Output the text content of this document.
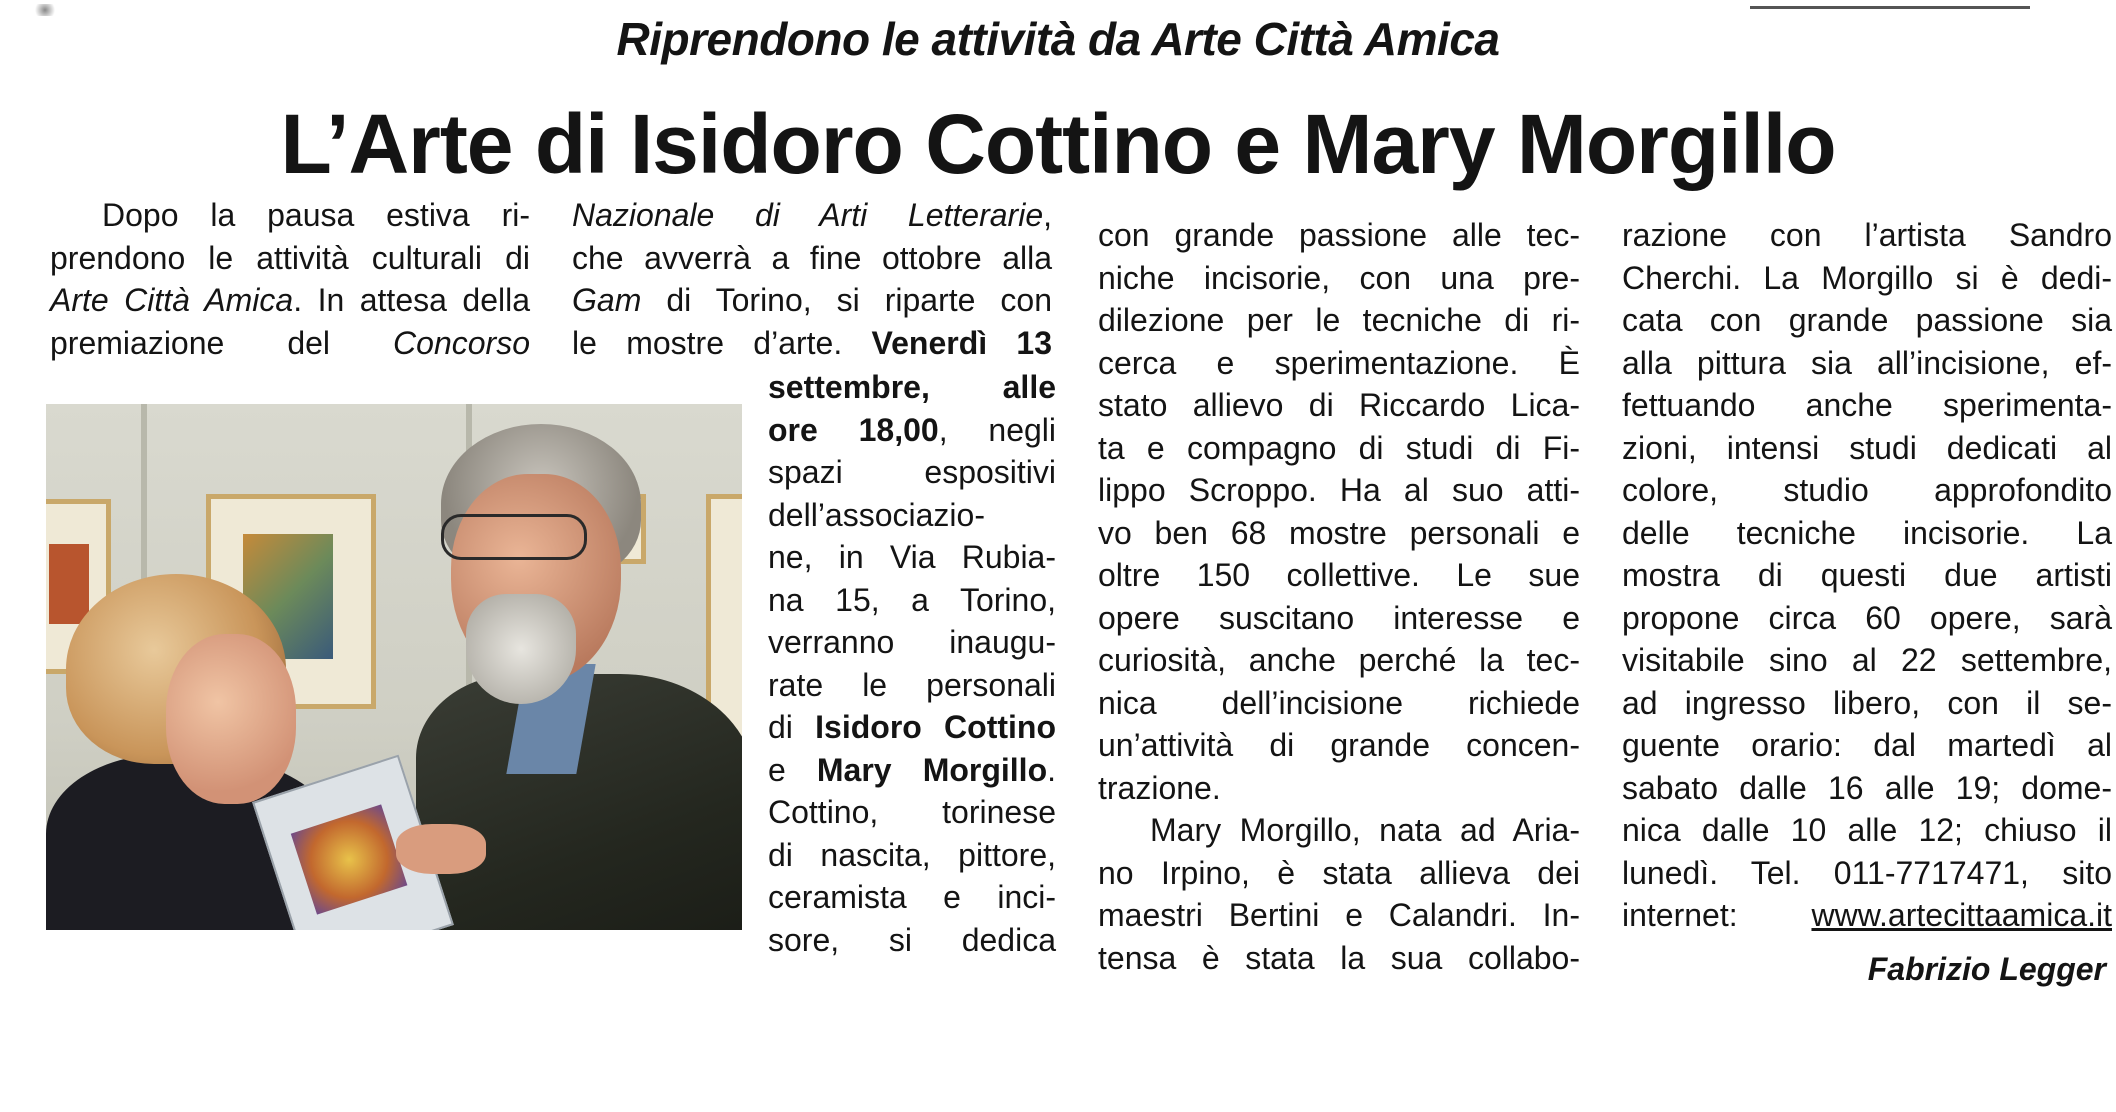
Riprendono le attività da Arte Città Amica
L’Arte di Isidoro Cottino e Mary Morgillo

Dopo la pausa estiva ri-

prendono le attività culturali di

Arte Città Amica. In attesa della

premiazione del Concorso

Nazionale di Arti Letterarie,

che avverrà a fine ottobre alla

Gam di Torino, si riparte con

le mostre d’arte. Venerdì 13

settembre, alle

ore 18,00, negli

spazi espositivi

dell’associazio-

ne, in Via Rubia-

na 15, a Torino,

verranno inaugu-

rate le personali

di Isidoro Cottino

e Mary Morgillo.

Cottino, torinese

di nascita, pittore,

ceramista e inci-

sore, si dedica

con grande passione alle tec-

niche incisorie, con una pre-

dilezione per le tecniche di ri-

cerca e sperimentazione. È

stato allievo di Riccardo Lica-

ta e compagno di studi di Fi-

lippo Scroppo. Ha al suo atti-

vo ben 68 mostre personali e

oltre 150 collettive. Le sue

opere suscitano interesse e

curiosità, anche perché la tec-

nica dell’incisione richiede

un’attività di grande concen-

trazione.

Mary Morgillo, nata ad Aria-

no Irpino, è stata allieva dei

maestri Bertini e Calandri. In-

tensa è stata la sua collabo-

razione con l’artista Sandro

Cherchi. La Morgillo si è dedi-

cata con grande passione sia

alla pittura sia all’incisione, ef-

fettuando anche sperimenta-

zioni, intensi studi dedicati al

colore, studio approfondito

delle tecniche incisorie. La

mostra di questi due artisti

propone circa 60 opere, sarà

visitabile sino al 22 settembre,

ad ingresso libero, con il se-

guente orario: dal martedì al

sabato dalle 16 alle 19; dome-

nica dalle 10 alle 12; chiuso il

lunedì. Tel. 011-7717471, sito

internet: www.artecittaamica.it

Fabrizio Legger
